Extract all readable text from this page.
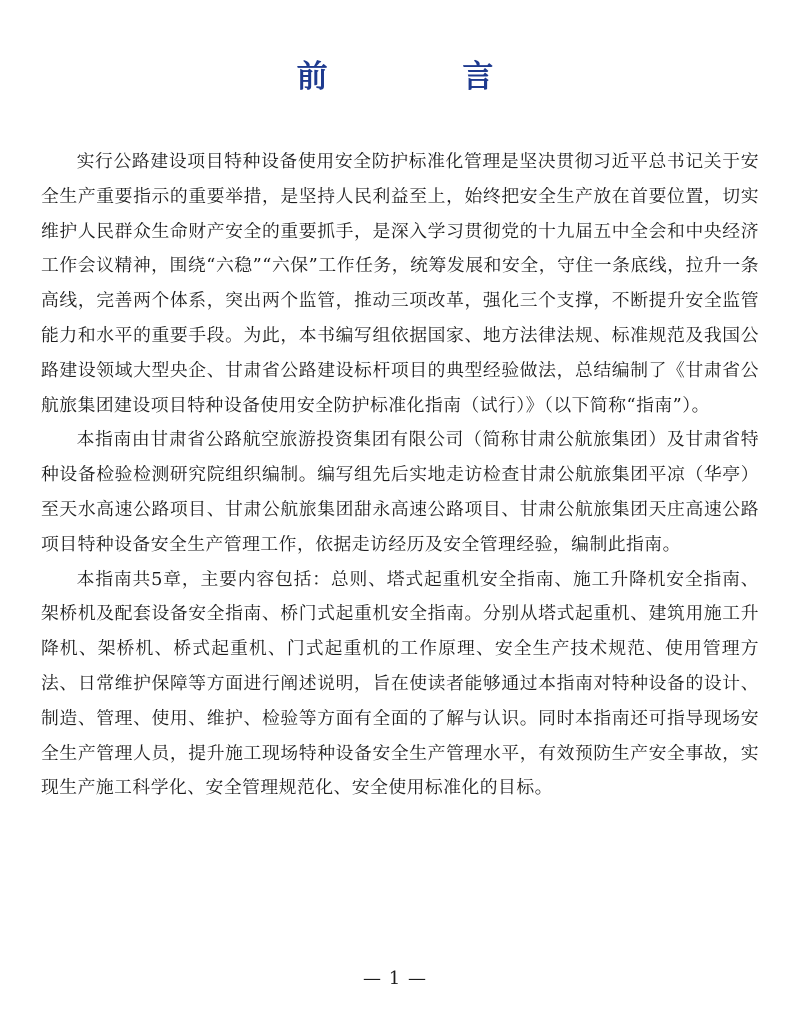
前 言

实行公路建设项目特种设备使用安全防护标准化管理是坚决贯彻习近平总书记关于安全生产重要指示的重要举措，是坚持人民利益至上，始终把安全生产放在首要位置，切实维护人民群众生命财产安全的重要抓手，是深入学习贯彻党的十九届五中全会和中央经济工作会议精神，围绕“六稳”“六保”工作任务，统筹发展和安全，守住一条底线，拉升一条高线，完善两个体系，突出两个监管，推动三项改革，强化三个支撑，不断提升安全监管能力和水平的重要手段。为此，本书编写组依据国家、地方法律法规、标准规范及我国公路建设领域大型央企、甘肃省公路建设标杆项目的典型经验做法，总结编制了《甘肃省公航旅集团建设项目特种设备使用安全防护标准化指南（试行）》（以下简称“指南”）。

本指南由甘肃省公路航空旅游投资集团有限公司（简称甘肃公航旅集团）及甘肃省特种设备检验检测研究院组织编制。编写组先后实地走访检查甘肃公航旅集团平凉（华亭）至天水高速公路项目、甘肃公航旅集团甜永高速公路项目、甘肃公航旅集团天庄高速公路项目特种设备安全生产管理工作，依据走访经历及安全管理经验，编制此指南。

本指南共5章，主要内容包括：总则、塔式起重机安全指南、施工升降机安全指南、架桥机及配套设备安全指南、桥门式起重机安全指南。分别从塔式起重机、建筑用施工升降机、架桥机、桥式起重机、门式起重机的工作原理、安全生产技术规范、使用管理方法、日常维护保障等方面进行阐述说明，旨在使读者能够通过本指南对特种设备的设计、制造、管理、使用、维护、检验等方面有全面的了解与认识。同时本指南还可指导现场安全生产管理人员，提升施工现场特种设备安全生产管理水平，有效预防生产安全事故，实现生产施工科学化、安全管理规范化、安全使用标准化的目标。

— 1 —
